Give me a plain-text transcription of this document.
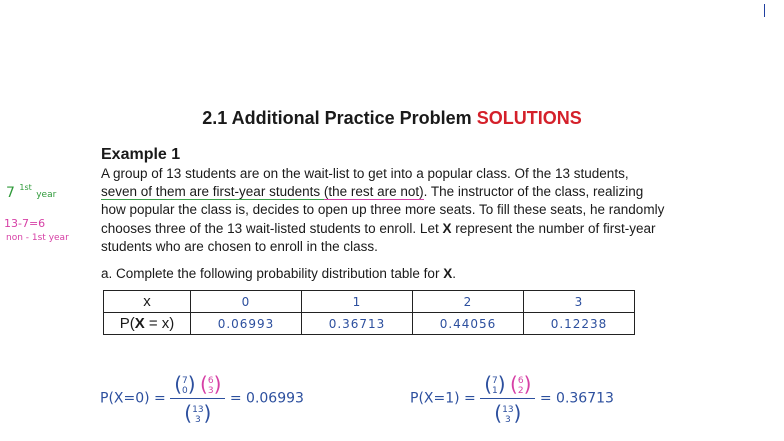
2.1 Additional Practice Problem SOLUTIONS
Example 1
A group of 13 students are on the wait-list to get into a popular class. Of the 13 students, seven of them are first-year students (the rest are not). The instructor of the class, realizing how popular the class is, decides to open up three more seats. To fill these seats, he randomly chooses three of the 13 wait-listed students to enroll. Let X represent the number of first-year students who are chosen to enroll in the class.
7 $^{1st}$ year
13-7=6
non - 1st year
a. Complete the following probability distribution table for X.
x	0	1	2	3
P(X = x)	0.06993	0.36713	0.44056	0.12238
P(X=0) =
(7
0) (6
3)
(13
3 )
= 0.06993	P(X=1) =
(7
1) (6
2)
(13
3 )
= 0.36713
